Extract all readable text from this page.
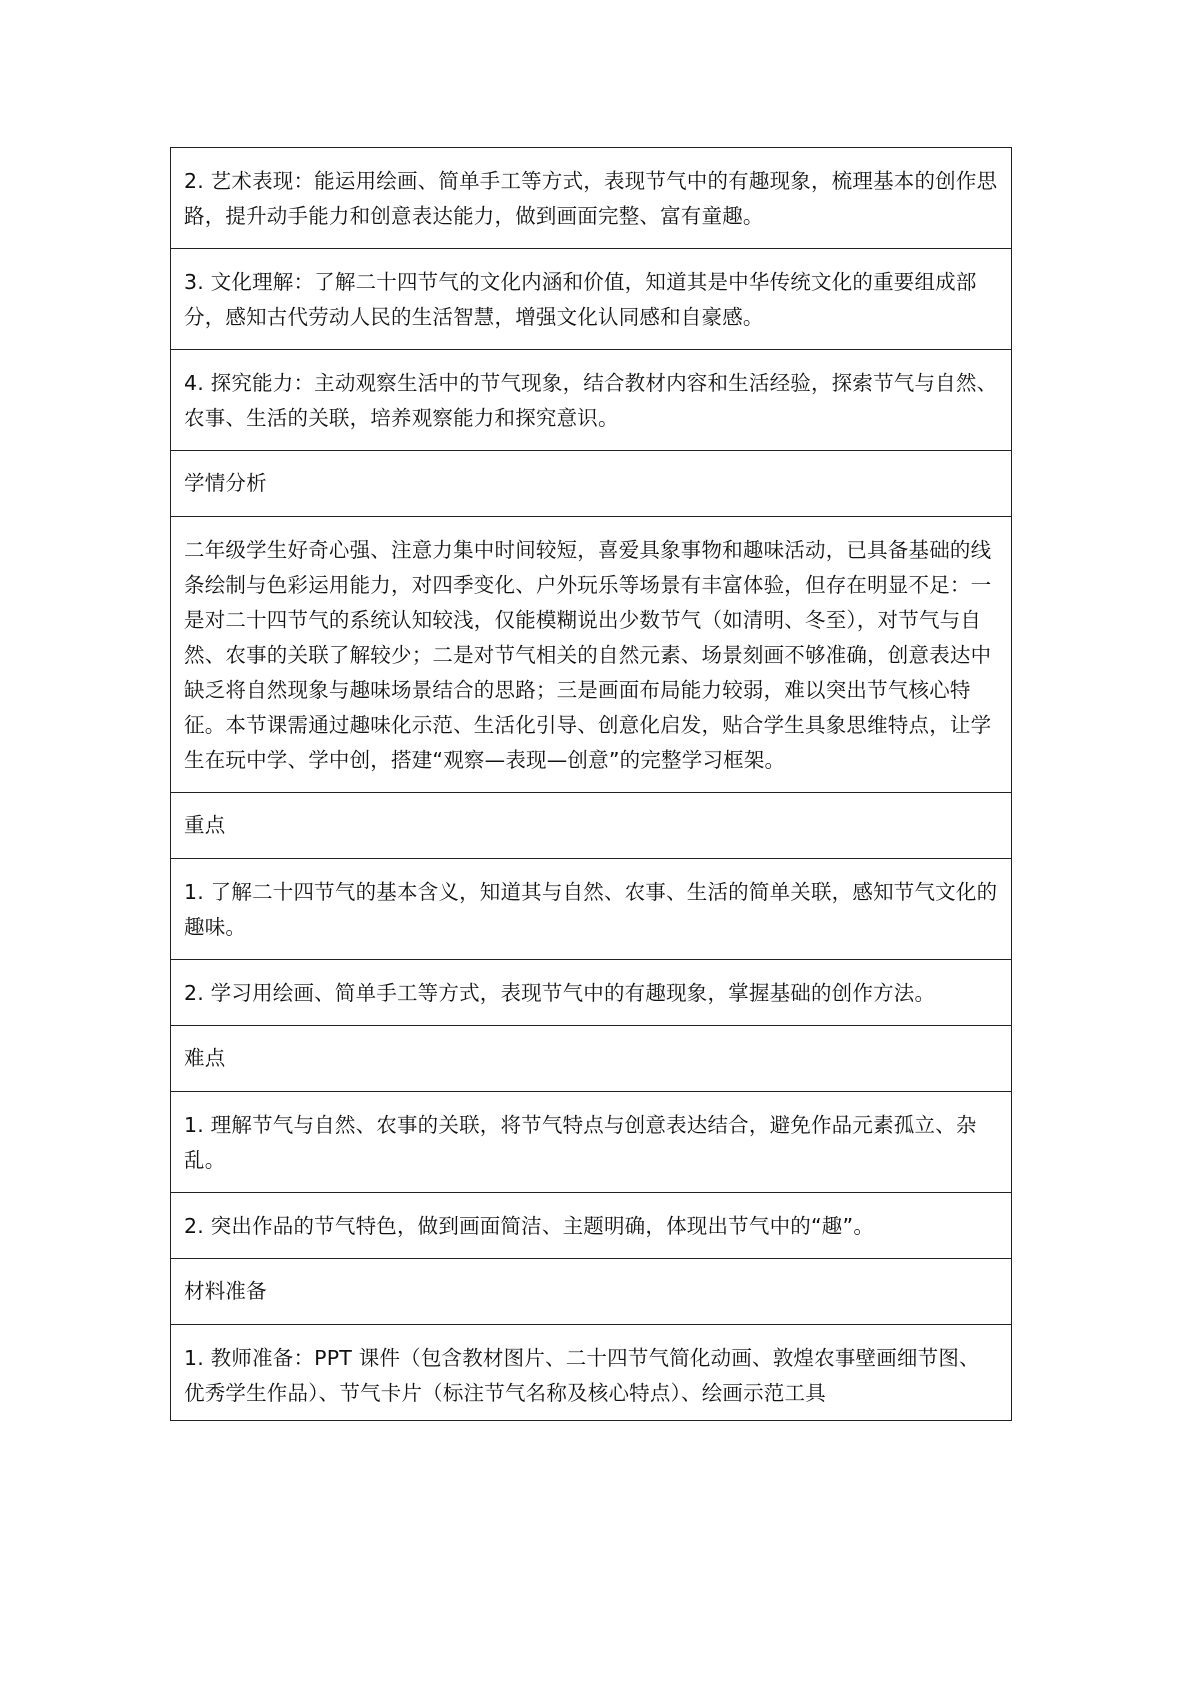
2. 艺术表现：能运用绘画、简单手工等方式，表现节气中的有趣现象，梳理基本的创作思路，提升动手能力和创意表达能力，做到画面完整、富有童趣。
3. 文化理解：了解二十四节气的文化内涵和价值，知道其是中华传统文化的重要组成部分，感知古代劳动人民的生活智慧，增强文化认同感和自豪感。
4. 探究能力：主动观察生活中的节气现象，结合教材内容和生活经验，探索节气与自然、农事、生活的关联，培养观察能力和探究意识。
学情分析
二年级学生好奇心强、注意力集中时间较短，喜爱具象事物和趣味活动，已具备基础的线条绘制与色彩运用能力，对四季变化、户外玩乐等场景有丰富体验，但存在明显不足：一是对二十四节气的系统认知较浅，仅能模糊说出少数节气（如清明、冬至），对节气与自然、农事的关联了解较少；二是对节气相关的自然元素、场景刻画不够准确，创意表达中缺乏将自然现象与趣味场景结合的思路；三是画面布局能力较弱，难以突出节气核心特征。本节课需通过趣味化示范、生活化引导、创意化启发，贴合学生具象思维特点，让学生在玩中学、学中创，搭建“观察—表现—创意”的完整学习框架。
重点
1. 了解二十四节气的基本含义，知道其与自然、农事、生活的简单关联，感知节气文化的趣味。
2. 学习用绘画、简单手工等方式，表现节气中的有趣现象，掌握基础的创作方法。
难点
1. 理解节气与自然、农事的关联，将节气特点与创意表达结合，避免作品元素孤立、杂乱。
2. 突出作品的节气特色，做到画面简洁、主题明确，体现出节气中的“趣”。
材料准备
1. 教师准备：PPT 课件（包含教材图片、二十四节气简化动画、敦煌农事壁画细节图、优秀学生作品）、节气卡片（标注节气名称及核心特点）、绘画示范工具
